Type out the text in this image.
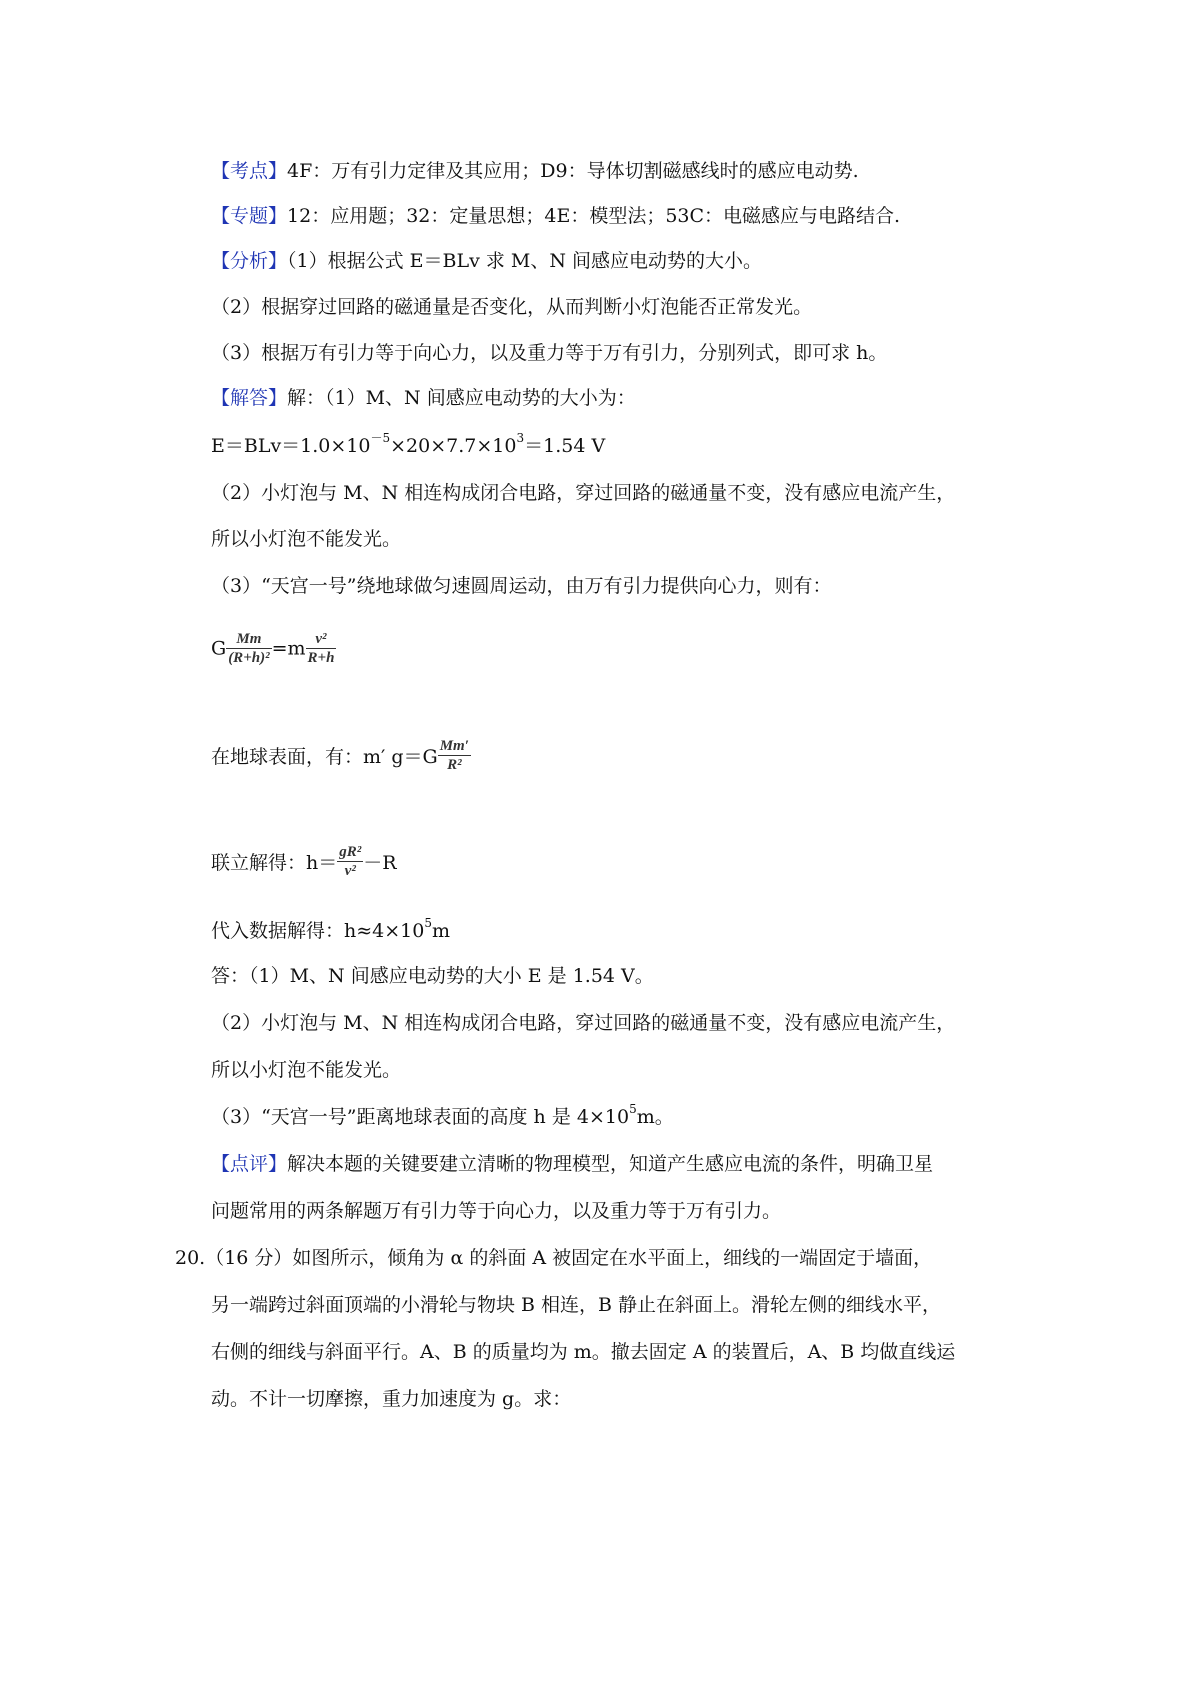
【考点】4F：万有引力定律及其应用；D9：导体切割磁感线时的感应电动势.
【专题】12：应用题；32：定量思想；4E：模型法；53C：电磁感应与电路结合.
【分析】（1）根据公式 E＝BLv 求 M、N 间感应电动势的大小。
（2）根据穿过回路的磁通量是否变化，从而判断小灯泡能否正常发光。
（3）根据万有引力等于向心力，以及重力等于万有引力，分别列式，即可求 h。
【解答】解：（1）M、N 间感应电动势的大小为：
$E=BLv=1.0\times 10^{-5}\times 20\times 7.7\times 10^3=1.54$ V
（2）小灯泡与 M、N 相连构成闭合电路，穿过回路的磁通量不变，没有感应电流产生，
所以小灯泡不能发光。
（3）“天宫一号”绕地球做匀速圆周运动，由万有引力提供向心力，则有：
G $\frac{Mm}{\text{(R+h)²}} =m \frac{\text{v²}}{R+h}$
在地球表面，有：m′ $g=G \frac{Mm'}{\text{R²}}$
联立解得：$h= \frac{\text{gR²}}{\text{v²}} -R$
代入数据解得：$h\approx 4\times 10^5m$
答：（1）M、N 间感应电动势的大小 E 是 1.54 V。
（2）小灯泡与 M、N 相连构成闭合电路，穿过回路的磁通量不变，没有感应电流产生，
所以小灯泡不能发光。
（3）“天宫一号”距离地球表面的高度 h 是 $4\times 10^5m$。
【点评】解决本题的关键要建立清晰的物理模型，知道产生感应电流的条件，明确卫星
问题常用的两条解题万有引力等于向心力，以及重力等于万有引力。
20.（16 分）如图所示，倾角为 α 的斜面 A 被固定在水平面上，细线的一端固定于墙面，
另一端跨过斜面顶端的小滑轮与物块 B 相连，B 静止在斜面上。滑轮左侧的细线水平，
右侧的细线与斜面平行。A、B 的质量均为 m。撤去固定 A 的装置后，A、B 均做直线运
动。不计一切摩擦，重力加速度为 g。求：
